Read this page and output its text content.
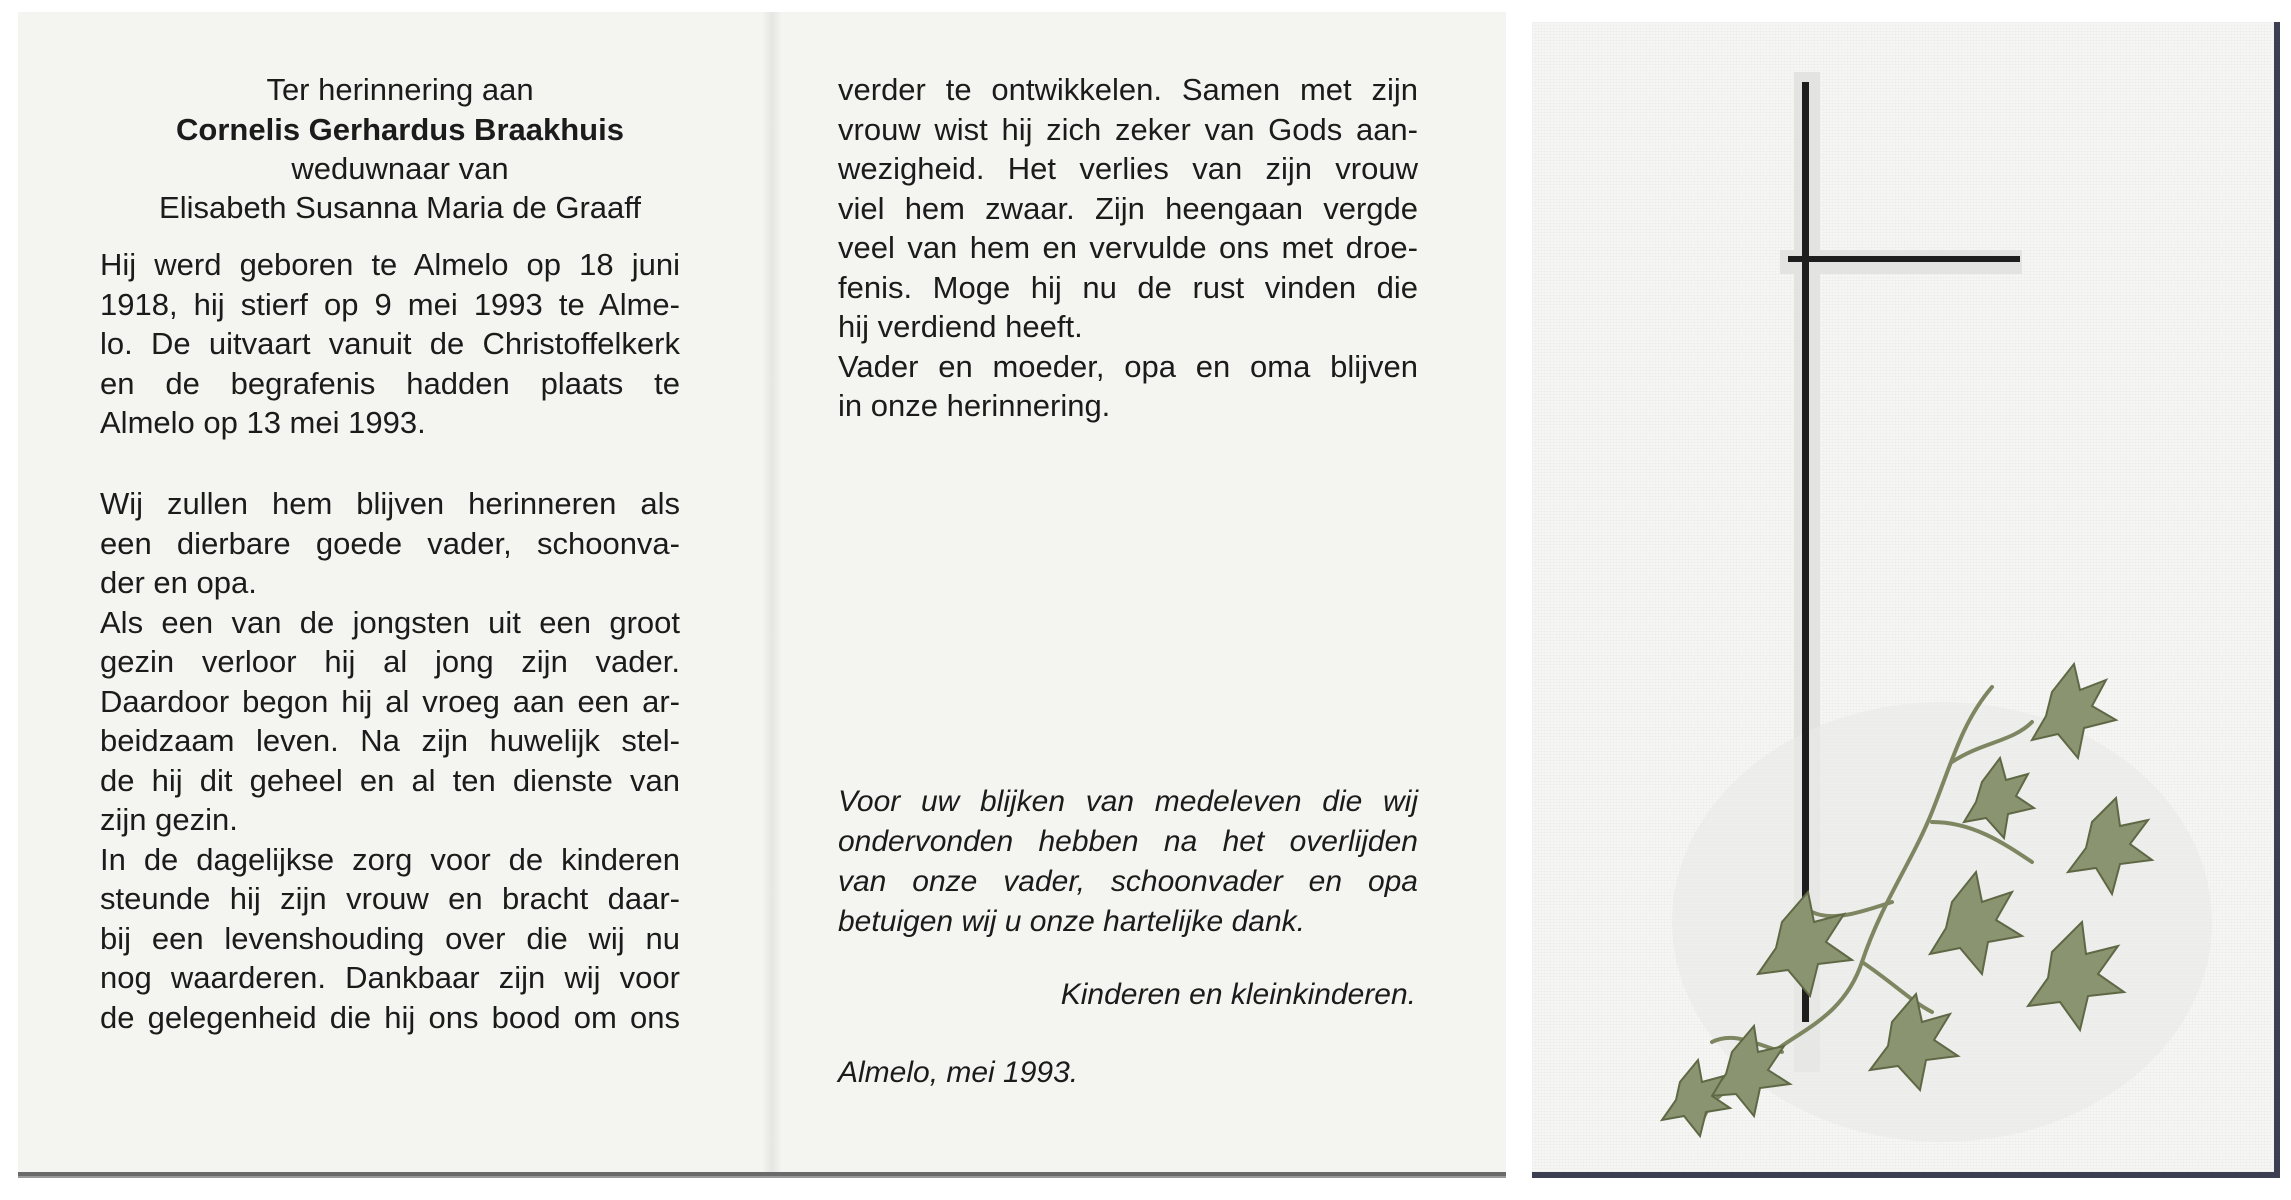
Ter herinnering aan
Cornelis Gerhardus Braakhuis
weduwnaar van
Elisabeth Susanna Maria de Graaff
Hij werd geboren te Almelo op 18 juni
1918, hij stierf op 9 mei 1993 te Alme-
lo. De uitvaart vanuit de Christoffelkerk
en de begrafenis hadden plaats te
Almelo op 13 mei 1993.
Wij zullen hem blijven herinneren als
een dierbare goede vader, schoonva-
der en opa.
Als een van de jongsten uit een groot
gezin verloor hij al jong zijn vader.
Daardoor begon hij al vroeg aan een ar-
beidzaam leven. Na zijn huwelijk stel-
de hij dit geheel en al ten dienste van
zijn gezin.
In de dagelijkse zorg voor de kinderen
steunde hij zijn vrouw en bracht daar-
bij een levenshouding over die wij nu
nog waarderen. Dankbaar zijn wij voor
de gelegenheid die hij ons bood om ons
verder te ontwikkelen. Samen met zijn
vrouw wist hij zich zeker van Gods aan-
wezigheid. Het verlies van zijn vrouw
viel hem zwaar. Zijn heengaan vergde
veel van hem en vervulde ons met droe-
fenis. Moge hij nu de rust vinden die
hij verdiend heeft.
Vader en moeder, opa en oma blijven
in onze herinnering.
Voor uw blijken van medeleven die wij
ondervonden hebben na het overlijden
van onze vader, schoonvader en opa
betuigen wij u onze hartelijke dank.
Kinderen en kleinkinderen.
Almelo, mei 1993.
